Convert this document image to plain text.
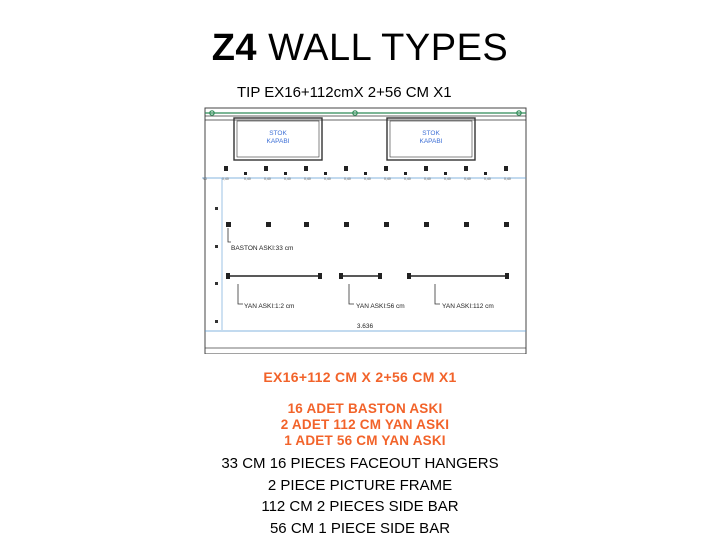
Z4 WALL TYPES
TIP EX16+112cmX 2+56 CM X1
STOK
KAPABI
STOK
KAPABI
90	0,40	0,40	0,40	0,40	0,40	0,40	0,40	0,40	0,40	0,40	0,40	0,40	0,40	0,40	0,40
BASTON ASKI:33 cm
YAN ASKI:1:2 cm	YAN ASKI:56 cm	YAN ASKI:112 cm
3.636
EX16+112 CM X 2+56 CM X1
16 ADET BASTON ASKI
2 ADET 112 CM YAN ASKI
1 ADET 56 CM YAN ASKI
33 CM 16 PIECES FACEOUT HANGERS
2 PIECE PICTURE FRAME
112 CM 2 PIECES SIDE BAR
56 CM 1 PIECE SIDE BAR
